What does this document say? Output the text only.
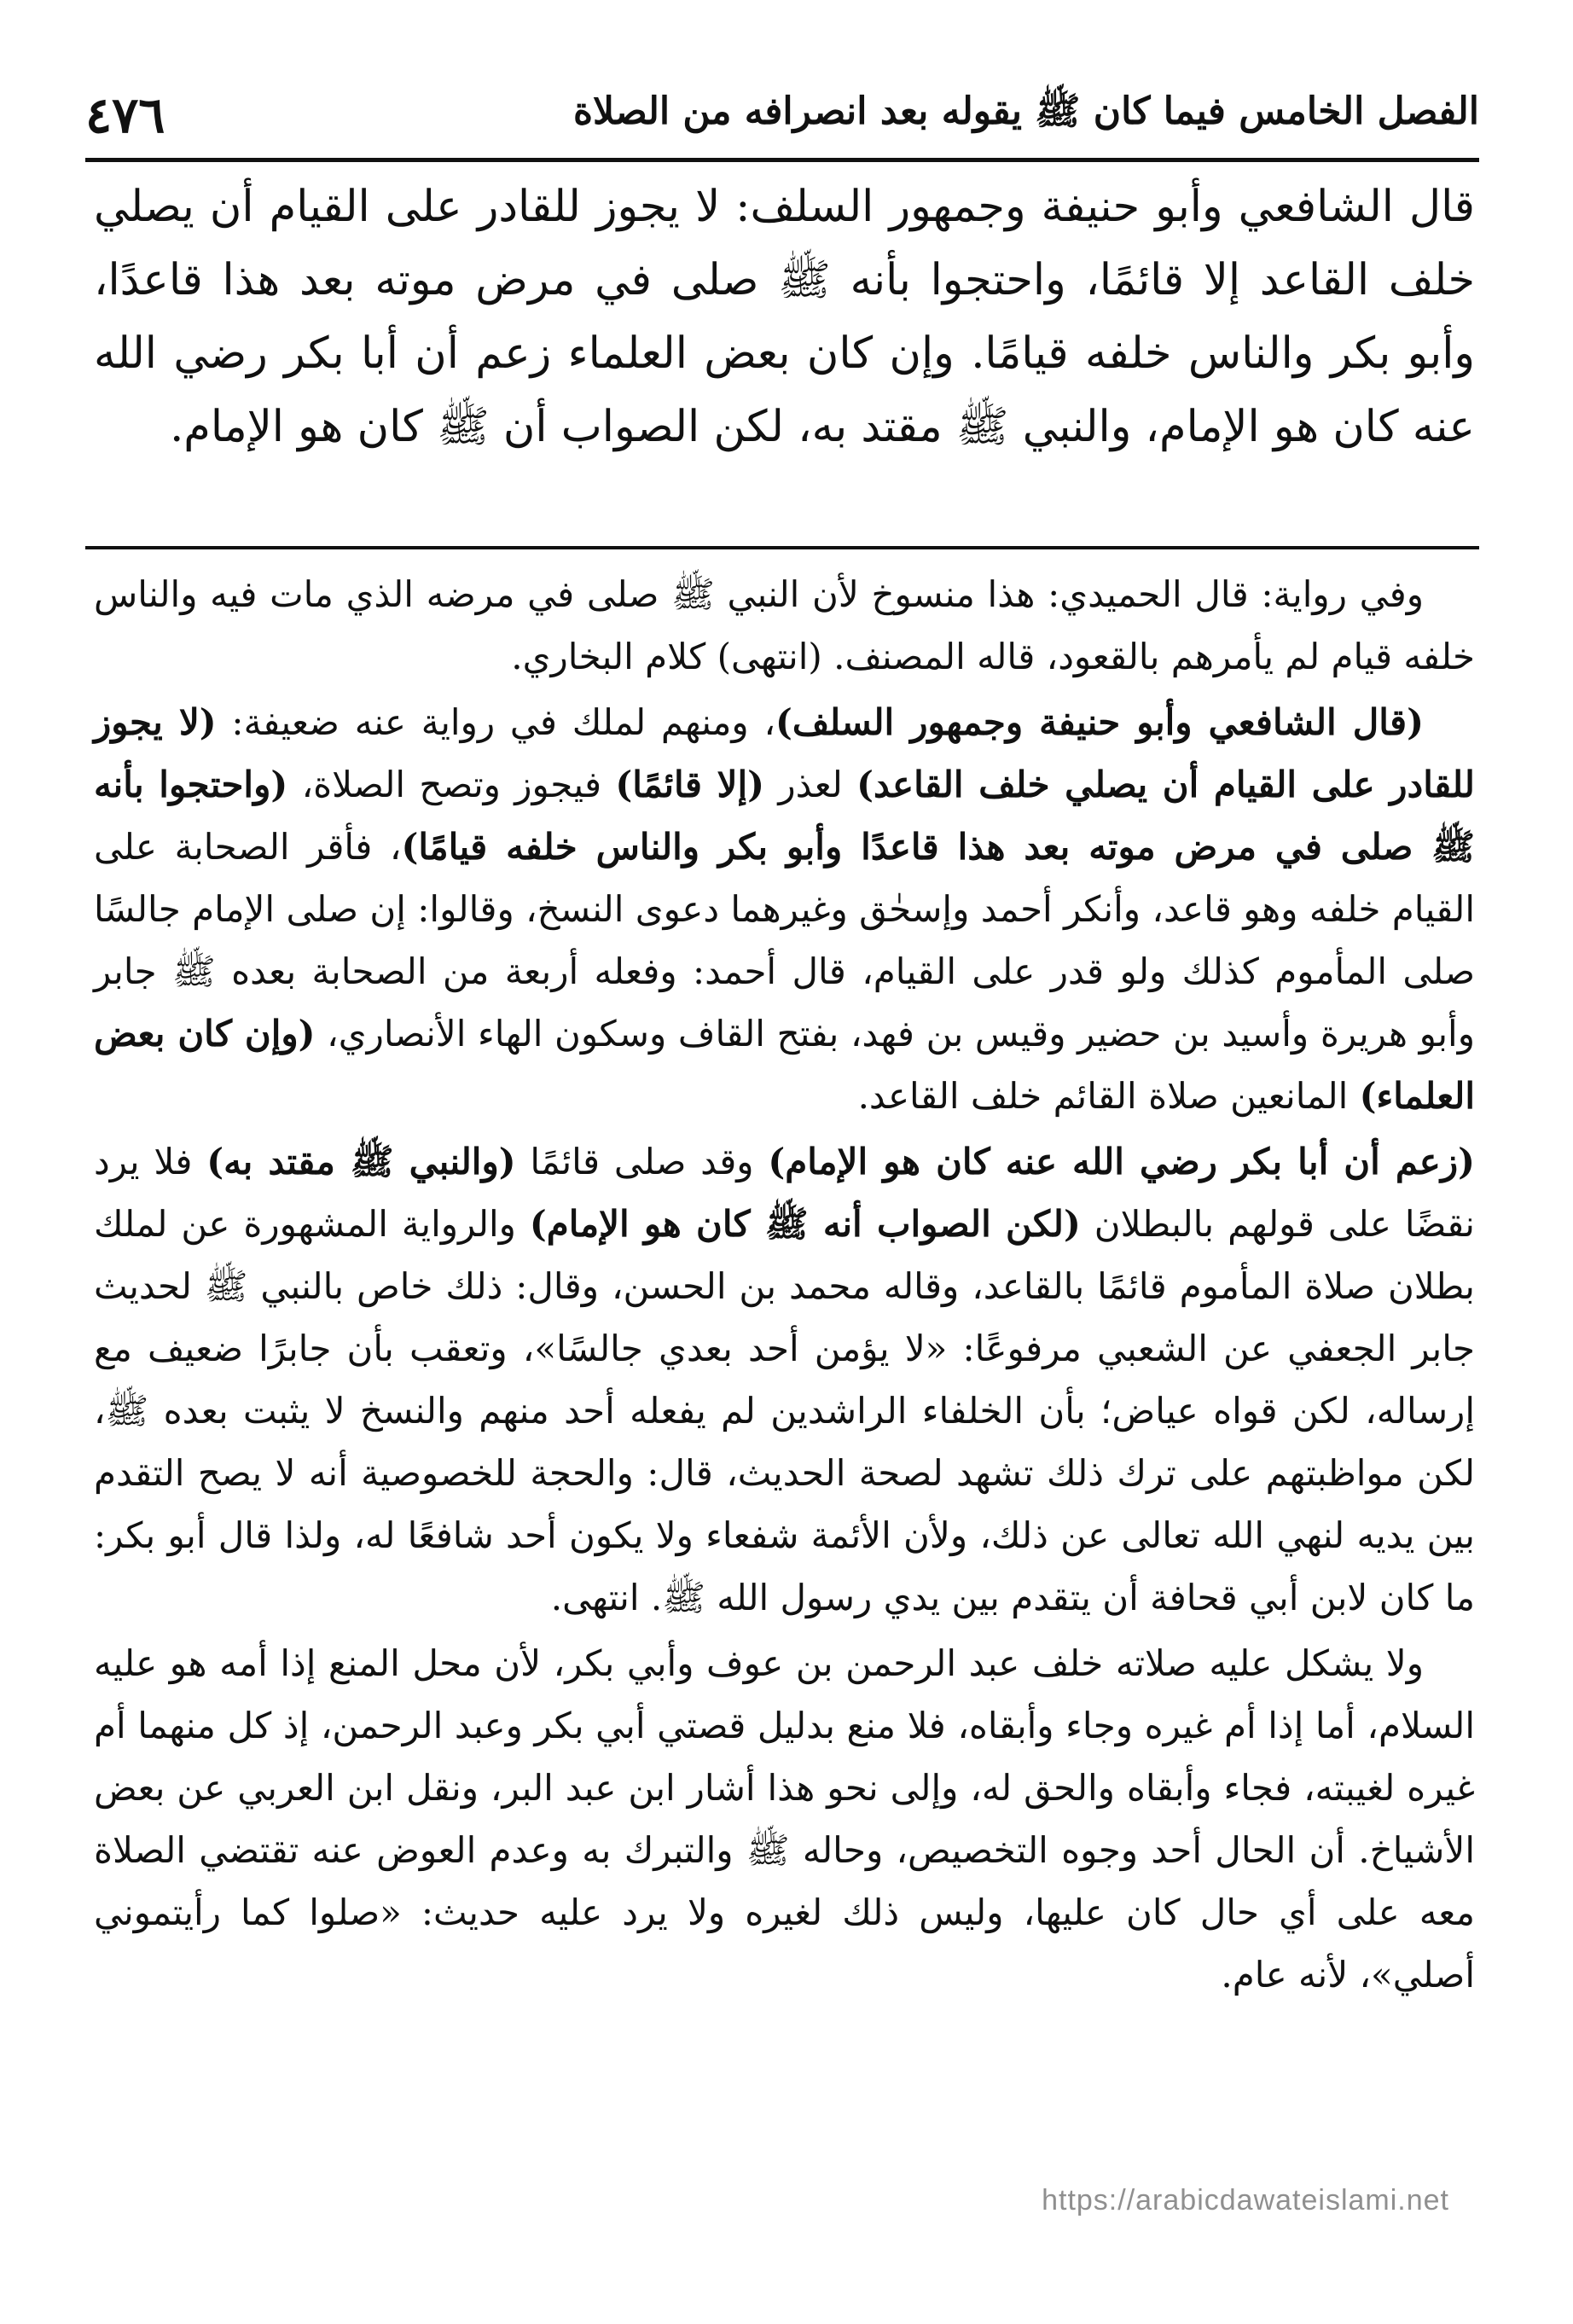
٤٧٦	الفصل الخامس فيما كان ﷺ يقوله بعد انصرافه من الصلاة
قال الشافعي وأبو حنيفة وجمهور السلف: لا يجوز للقادر على القيام أن يصلي خلف القاعد إلا قائمًا، واحتجوا بأنه ﷺ صلى في مرض موته بعد هذا قاعدًا، وأبو بكر والناس خلفه قيامًا. وإن كان بعض العلماء زعم أن أبا بكر رضي الله عنه كان هو الإمام، والنبي ﷺ مقتد به، لكن الصواب أن ﷺ كان هو الإمام.

وفي رواية: قال الحميدي: هذا منسوخ لأن النبي ﷺ صلى في مرضه الذي مات فيه والناس خلفه قيام لم يأمرهم بالقعود، قاله المصنف. (انتهى) كلام البخاري.

(قال الشافعي وأبو حنيفة وجمهور السلف)، ومنهم لملك في رواية عنه ضعيفة: (لا يجوز للقادر على القيام أن يصلي خلف القاعد) لعذر (إلا قائمًا) فيجوز وتصح الصلاة، (واحتجوا بأنه ﷺ صلى في مرض موته بعد هذا قاعدًا وأبو بكر والناس خلفه قيامًا)، فأقر الصحابة على القيام خلفه وهو قاعد، وأنكر أحمد وإسحٰق وغيرهما دعوى النسخ، وقالوا: إن صلى الإمام جالسًا صلى المأموم كذلك ولو قدر على القيام، قال أحمد: وفعله أربعة من الصحابة بعده ﷺ جابر وأبو هريرة وأسيد بن حضير وقيس بن فهد، بفتح القاف وسكون الهاء الأنصاري، (وإن كان بعض العلماء) المانعين صلاة القائم خلف القاعد.

(زعم أن أبا بكر رضي الله عنه كان هو الإمام) وقد صلى قائمًا (والنبي ﷺ مقتد به) فلا يرد نقضًا على قولهم بالبطلان (لكن الصواب أنه ﷺ كان هو الإمام) والرواية المشهورة عن لملك بطلان صلاة المأموم قائمًا بالقاعد، وقاله محمد بن الحسن، وقال: ذلك خاص بالنبي ﷺ لحديث جابر الجعفي عن الشعبي مرفوعًا: «لا يؤمن أحد بعدي جالسًا»، وتعقب بأن جابرًا ضعيف مع إرساله، لكن قواه عياض؛ بأن الخلفاء الراشدين لم يفعله أحد منهم والنسخ لا يثبت بعده ﷺ، لكن مواظبتهم على ترك ذلك تشهد لصحة الحديث، قال: والحجة للخصوصية أنه لا يصح التقدم بين يديه لنهي الله تعالى عن ذلك، ولأن الأئمة شفعاء ولا يكون أحد شافعًا له، ولذا قال أبو بكر: ما كان لابن أبي قحافة أن يتقدم بين يدي رسول الله ﷺ. انتهى.

ولا يشكل عليه صلاته خلف عبد الرحمن بن عوف وأبي بكر، لأن محل المنع إذا أمه هو عليه السلام، أما إذا أم غيره وجاء وأبقاه، فلا منع بدليل قصتي أبي بكر وعبد الرحمن، إذ كل منهما أم غيره لغيبته، فجاء وأبقاه والحق له، وإلى نحو هذا أشار ابن عبد البر، ونقل ابن العربي عن بعض الأشياخ. أن الحال أحد وجوه التخصيص، وحاله ﷺ والتبرك به وعدم العوض عنه تقتضي الصلاة معه على أي حال كان عليها، وليس ذلك لغيره ولا يرد عليه حديث: «صلوا كما رأيتموني أصلي»، لأنه عام.

https://arabicdawateislami.net
